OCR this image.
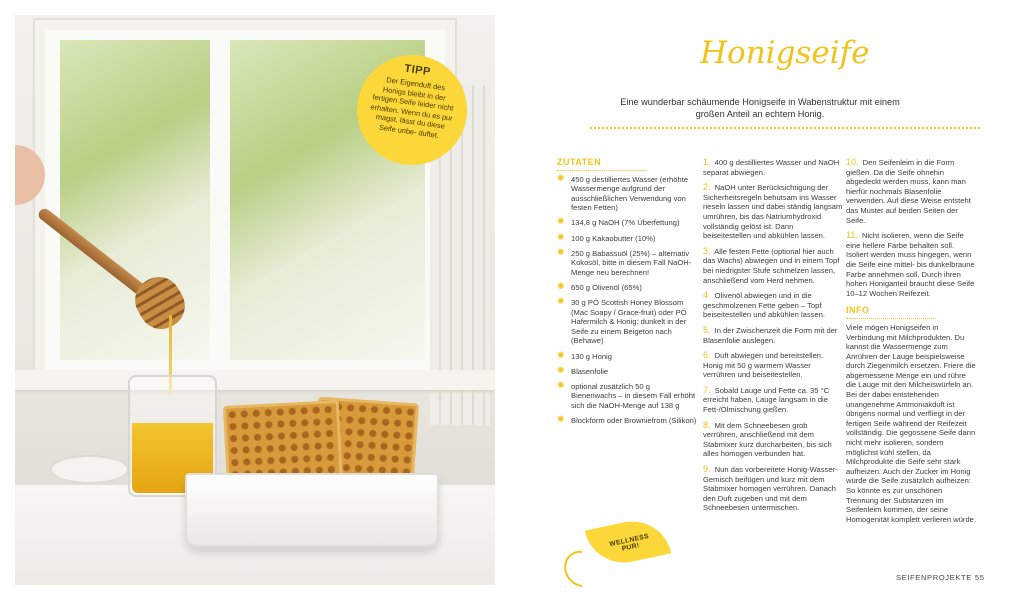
TIPP
Der Eigenduft des Honigs bleibt in der fertigen Seife leider nicht erhalten. Wenn du es pur magst, lässt du diese Seife unbe- duftet.
Honigseife
Eine wunderbar schäumende Honigseife in Wabenstruktur mit einem großen Anteil an echtem Honig.
ZUTATEN
✺ 450 g destilliertes Wasser (erhöhte Wassermenge aufgrund der ausschließlichen Verwendung von festen Fetten)
✺ 134,8 g NaOH (7% Überfettung)
✺ 100 g Kakaobutter (10%)
✺ 250 g Babassuöl (25%) – alternativ Kokosöl, bitte in diesem Fall NaOH-Menge neu berechnen!
✺ 650 g Olivenöl (65%)
✺ 30 g PÖ Scottish Honey Blossom (Mac Soapy / Grace-fruit) oder PÖ Hafermilch & Honig: dunkelt in der Seife zu einem Beigeton nach (Behawe)
✺ 130 g Honig
✺ Blasenfolie
✺ optional zusätzlich 50 g Bienenwachs – in diesem Fall erhöht sich die NaOH-Menge auf 138 g
✺ Blockform oder Browniefrom (Silikon)
1. 400 g destilliertes Wasser und NaOH separat abwiegen.
2. NaOH unter Berücksichtigung der Sicherheitsregeln behutsam ins Wasser rieseln lassen und dabei ständig langsam umrühren, bis das Natriumhydroxid vollständig gelöst ist. Dann beiseitestellen und abkühlen lassen.
3. Alle festen Fette (optional hier auch das Wachs) abwiegen und in einem Topf bei niedrigster Stufe schmelzen lassen, anschließend vom Herd nehmen.
4. Olivenöl abwiegen und in die geschmolzenen Fette geben – Topf beiseitestellen und abkühlen lassen.
5. In der Zwischenzeit die Form mit der Blasenfolie auslegen.
6. Duft abwiegen und bereitstellen. Honig mit 50 g warmem Wasser verrühren und beiseitestellen.
7. Sobald Lauge und Fette ca. 35 °C erreicht haben, Lauge langsam in die Fett-/Ölmischung gießen.
8. Mit dem Schneebesen grob verrühren, anschließend mit dem Stabmixer kurz durcharbeiten, bis sich alles homogen verbunden hat.
9. Nun das vorbereitete Honig-Wasser-Gemisch beifügen und kurz mit dem Stabmixer homogen verrühren. Danach den Duft zugeben und mit dem Schneebesen untermischen.
10. Den Seifenleim in die Form gießen. Da die Seife ohnehin abgedeckt werden muss, kann man hierfür nochmals Blasenfolie verwenden. Auf diese Weise entsteht das Muster auf beiden Seiten der Seife.
11. Nicht isolieren, wenn die Seife eine hellere Farbe behalten soll. Isoliert werden muss hingegen, wenn die Seife eine mittel- bis dunkelbraune Farbe annehmen soll. Durch ihren hohen Honiganteil braucht diese Seife 10–12 Wochen Reifezeit.
INFO
Viele mögen Honigseifen in Verbindung mit Milchprodukten. Du kannst die Wassermenge zum Anrühren der Lauge beispielsweise durch Ziegenmilch ersetzen. Friere die abgemessene Menge ein und rühre die Lauge mit den Milcheiswürfeln an. Bei der dabei entstehenden unangenehme Ammoniakduft ist übrigens normal und verfliegt in der fertigen Seife während der Reifezeit vollständig. Die gegossene Seife dann nicht mehr isolieren, sondern möglichst kühl stellen, da Milchprodukte die Seife sehr stark aufheizen. Auch der Zucker im Honig würde die Seife zusätzlich aufheizen: So könnte es zur unschönen Trennung der Substanzen im Seifenleim kommen, der seine Homogenität komplett verlieren würde.
WELLNESS PUR!
SEIFENPROJEKTE 55
